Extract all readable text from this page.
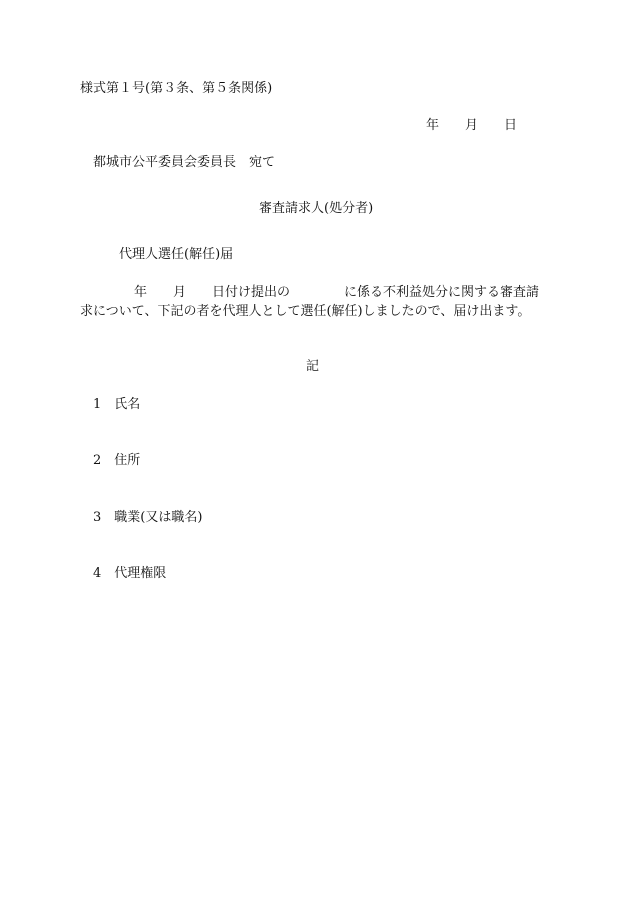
様式第１号(第３条、第５条関係)
年 月 日
都城市公平委員会委員長　宛て
審査請求人(処分者)
代理人選任(解任)届
年 月 日付け提出の	に係る不利益処分に関する審査請
求について、下記の者を代理人として選任(解任)しましたので、届け出ます。
記
1 氏名
2 住所
3 職業(又は職名)
4 代理権限
